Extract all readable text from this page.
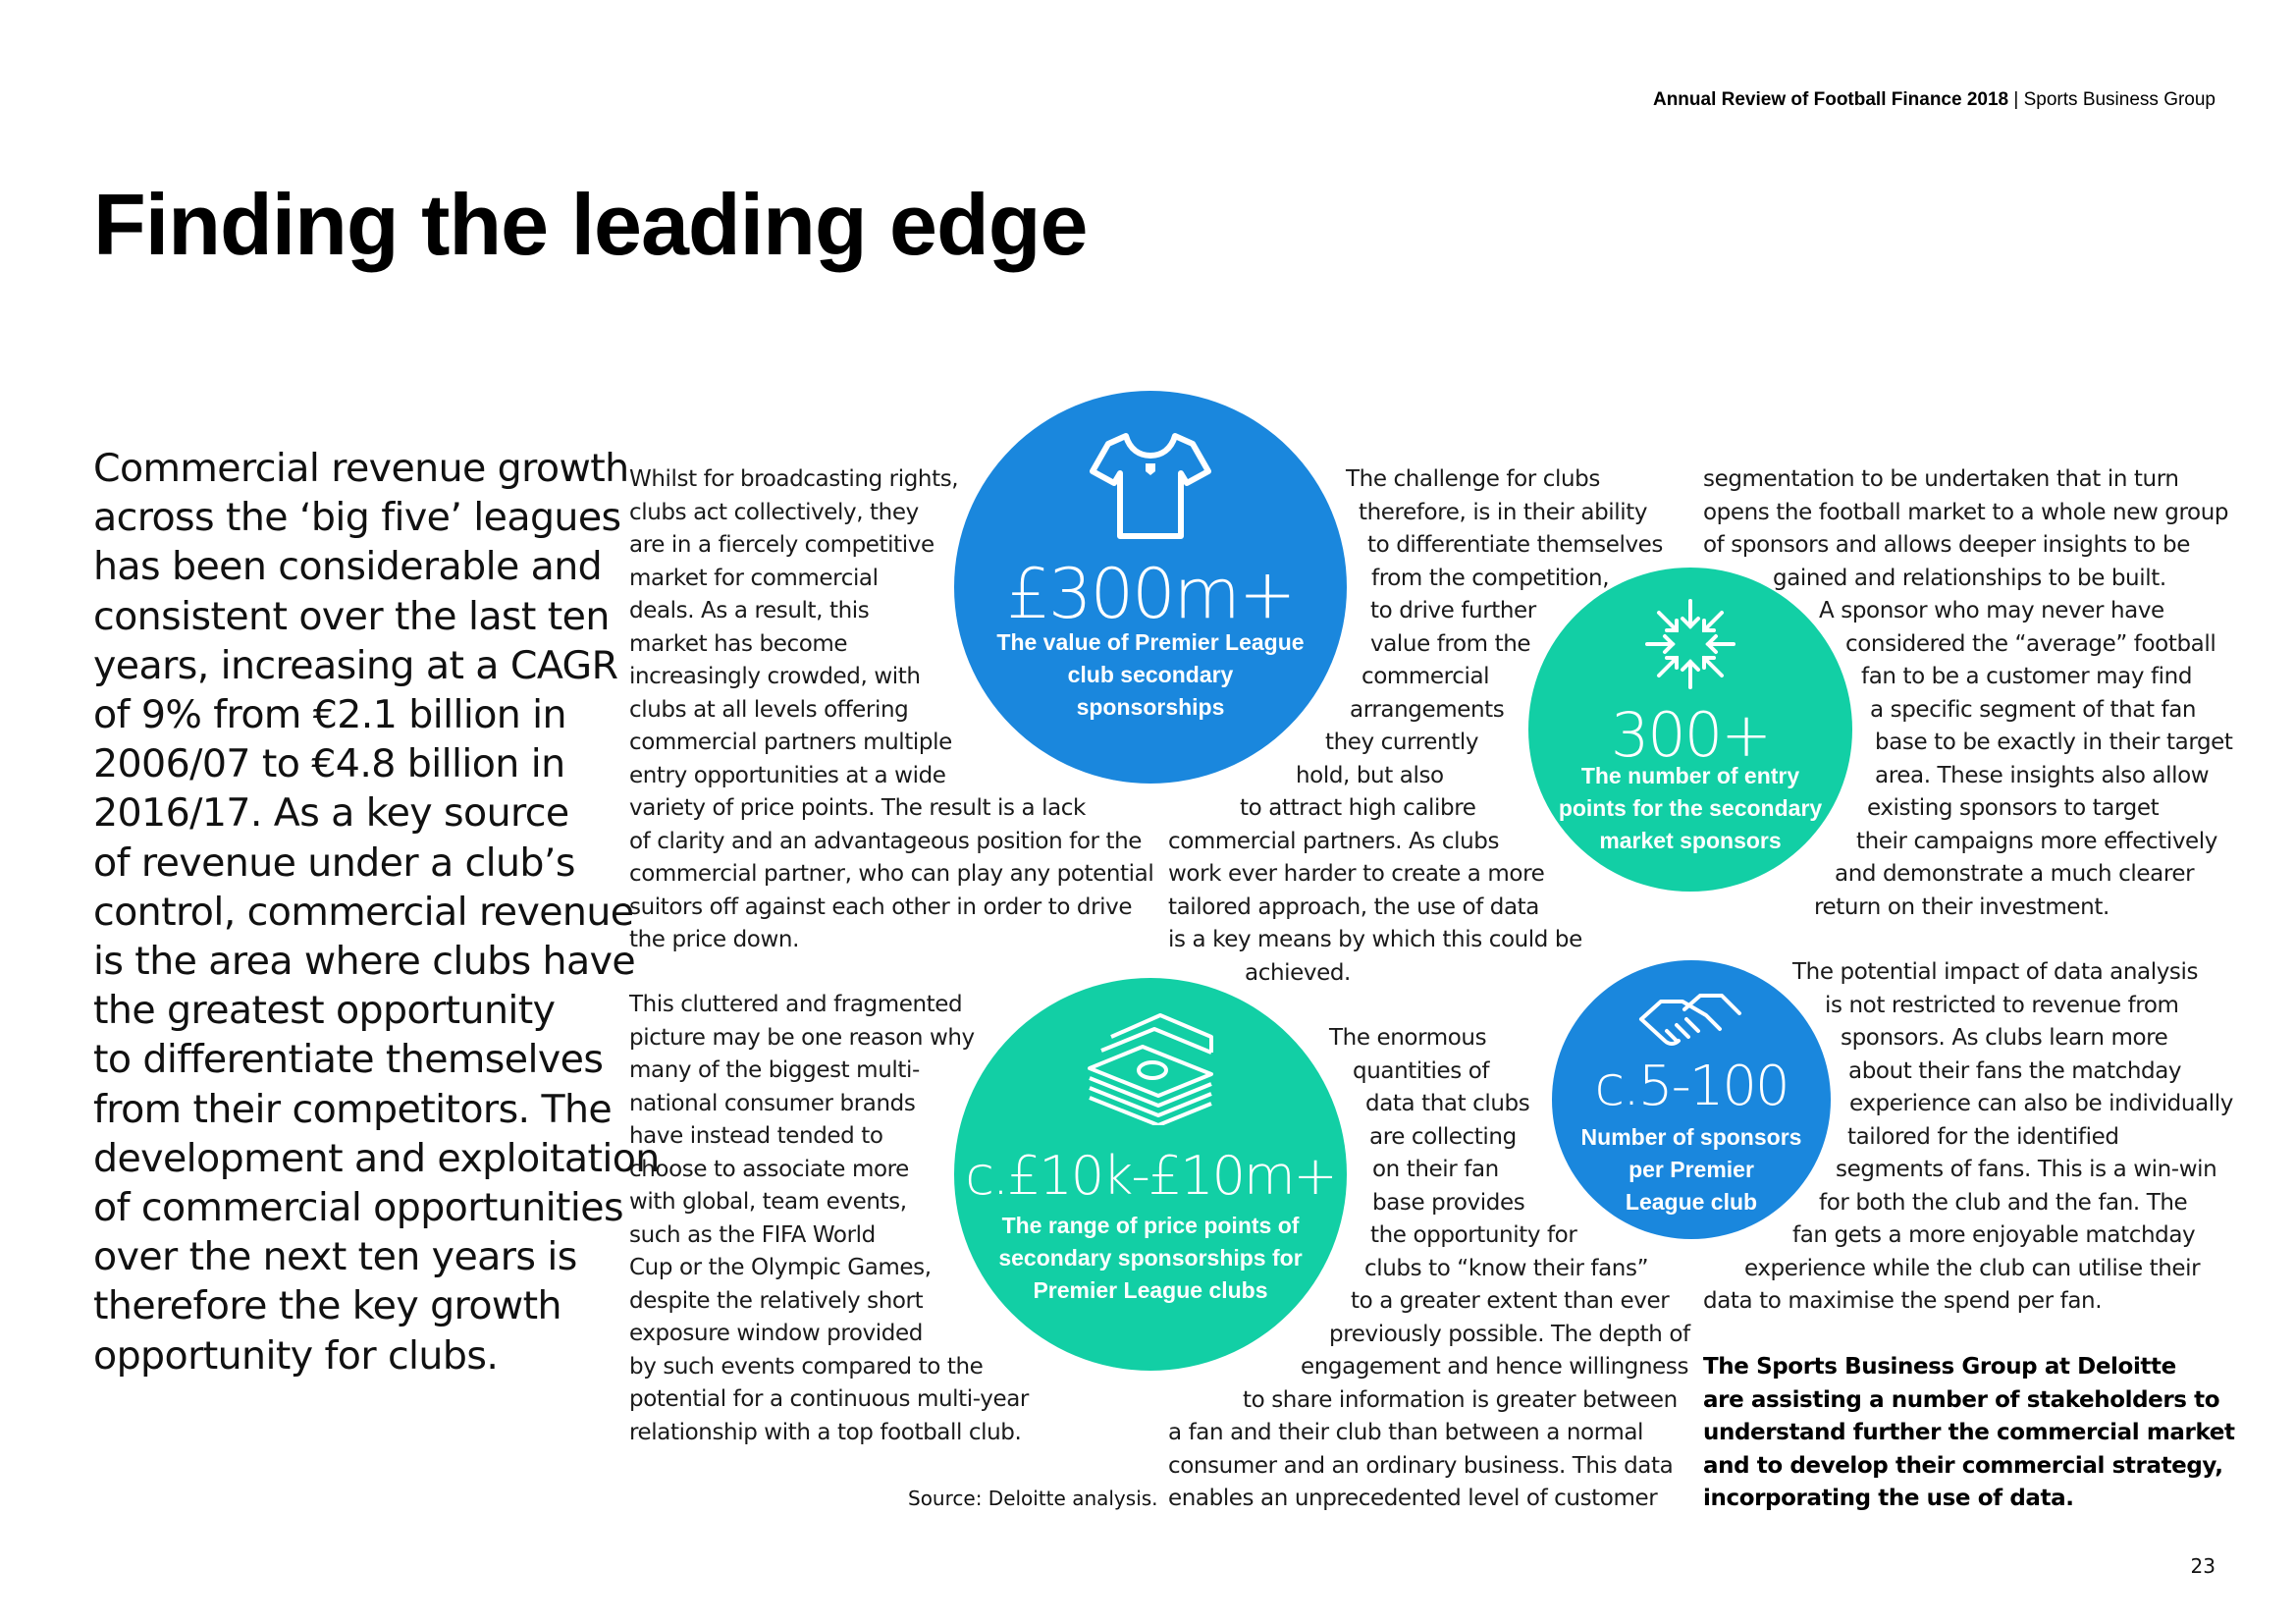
Annual Review of Football Finance 2018 | Sports Business Group
Finding the leading edge
Commercial revenue growth
across the ‘big five’ leagues
has been considerable and
consistent over the last ten
years, increasing at a CAGR
of 9% from €2.1 billion in
2006/07 to €4.8 billion in
2016/17. As a key source
of revenue under a club’s
control, commercial revenue
is the area where clubs have
the greatest opportunity
to differentiate themselves
from their competitors. The
development and exploitation
of commercial opportunities
over the next ten years is
therefore the key growth
opportunity for clubs.
Whilst for broadcasting rights,
clubs act collectively, they
are in a fiercely competitive
market for commercial
deals. As a result, this
market has become
increasingly crowded, with
clubs at all levels offering
commercial partners multiple
entry opportunities at a wide
variety of price points. The result is a lack
of clarity and an advantageous position for the
commercial partner, who can play any potential
suitors off against each other in order to drive
the price down.
This cluttered and fragmented
picture may be one reason why
many of the biggest multi-
national consumer brands
have instead tended to
choose to associate more
with global, team events,
such as the FIFA World
Cup or the Olympic Games,
despite the relatively short
exposure window provided
by such events compared to the
potential for a continuous multi-year
relationship with a top football club.
The challenge for clubs
therefore, is in their ability
to differentiate themselves
from the competition,
to drive further
value from the
commercial
arrangements
they currently
hold, but also
to attract high calibre
commercial partners. As clubs
work ever harder to create a more
tailored approach, the use of data
is a key means by which this could be
achieved.
The enormous
quantities of
data that clubs
are collecting
on their fan
base provides
the opportunity for
clubs to “know their fans”
to a greater extent than ever
previously possible. The depth of
engagement and hence willingness
to share information is greater between
a fan and their club than between a normal
consumer and an ordinary business. This data
enables an unprecedented level of customer
segmentation to be undertaken that in turn
opens the football market to a whole new group
of sponsors and allows deeper insights to be
gained and relationships to be built.
A sponsor who may never have
considered the “average” football
fan to be a customer may find
a specific segment of that fan
base to be exactly in their target
area. These insights also allow
existing sponsors to target
their campaigns more effectively
and demonstrate a much clearer
return on their investment.
The potential impact of data analysis
is not restricted to revenue from
sponsors. As clubs learn more
about their fans the matchday
experience can also be individually
tailored for the identified
segments of fans. This is a win-win
for both the club and the fan. The
fan gets a more enjoyable matchday
experience while the club can utilise their
data to maximise the spend per fan.
The Sports Business Group at Deloitte
are assisting a number of stakeholders to
understand further the commercial market
and to develop their commercial strategy,
incorporating the use of data.
£300m+
The value of Premier League
club secondary
sponsorships	300+
The number of entry
points for the secondary
market sponsors
c.£10k-£10m+
The range of price points of
secondary sponsorships for
Premier League clubs
c.5-100
Number of sponsors
per Premier
League club
Source: Deloitte analysis.
23
